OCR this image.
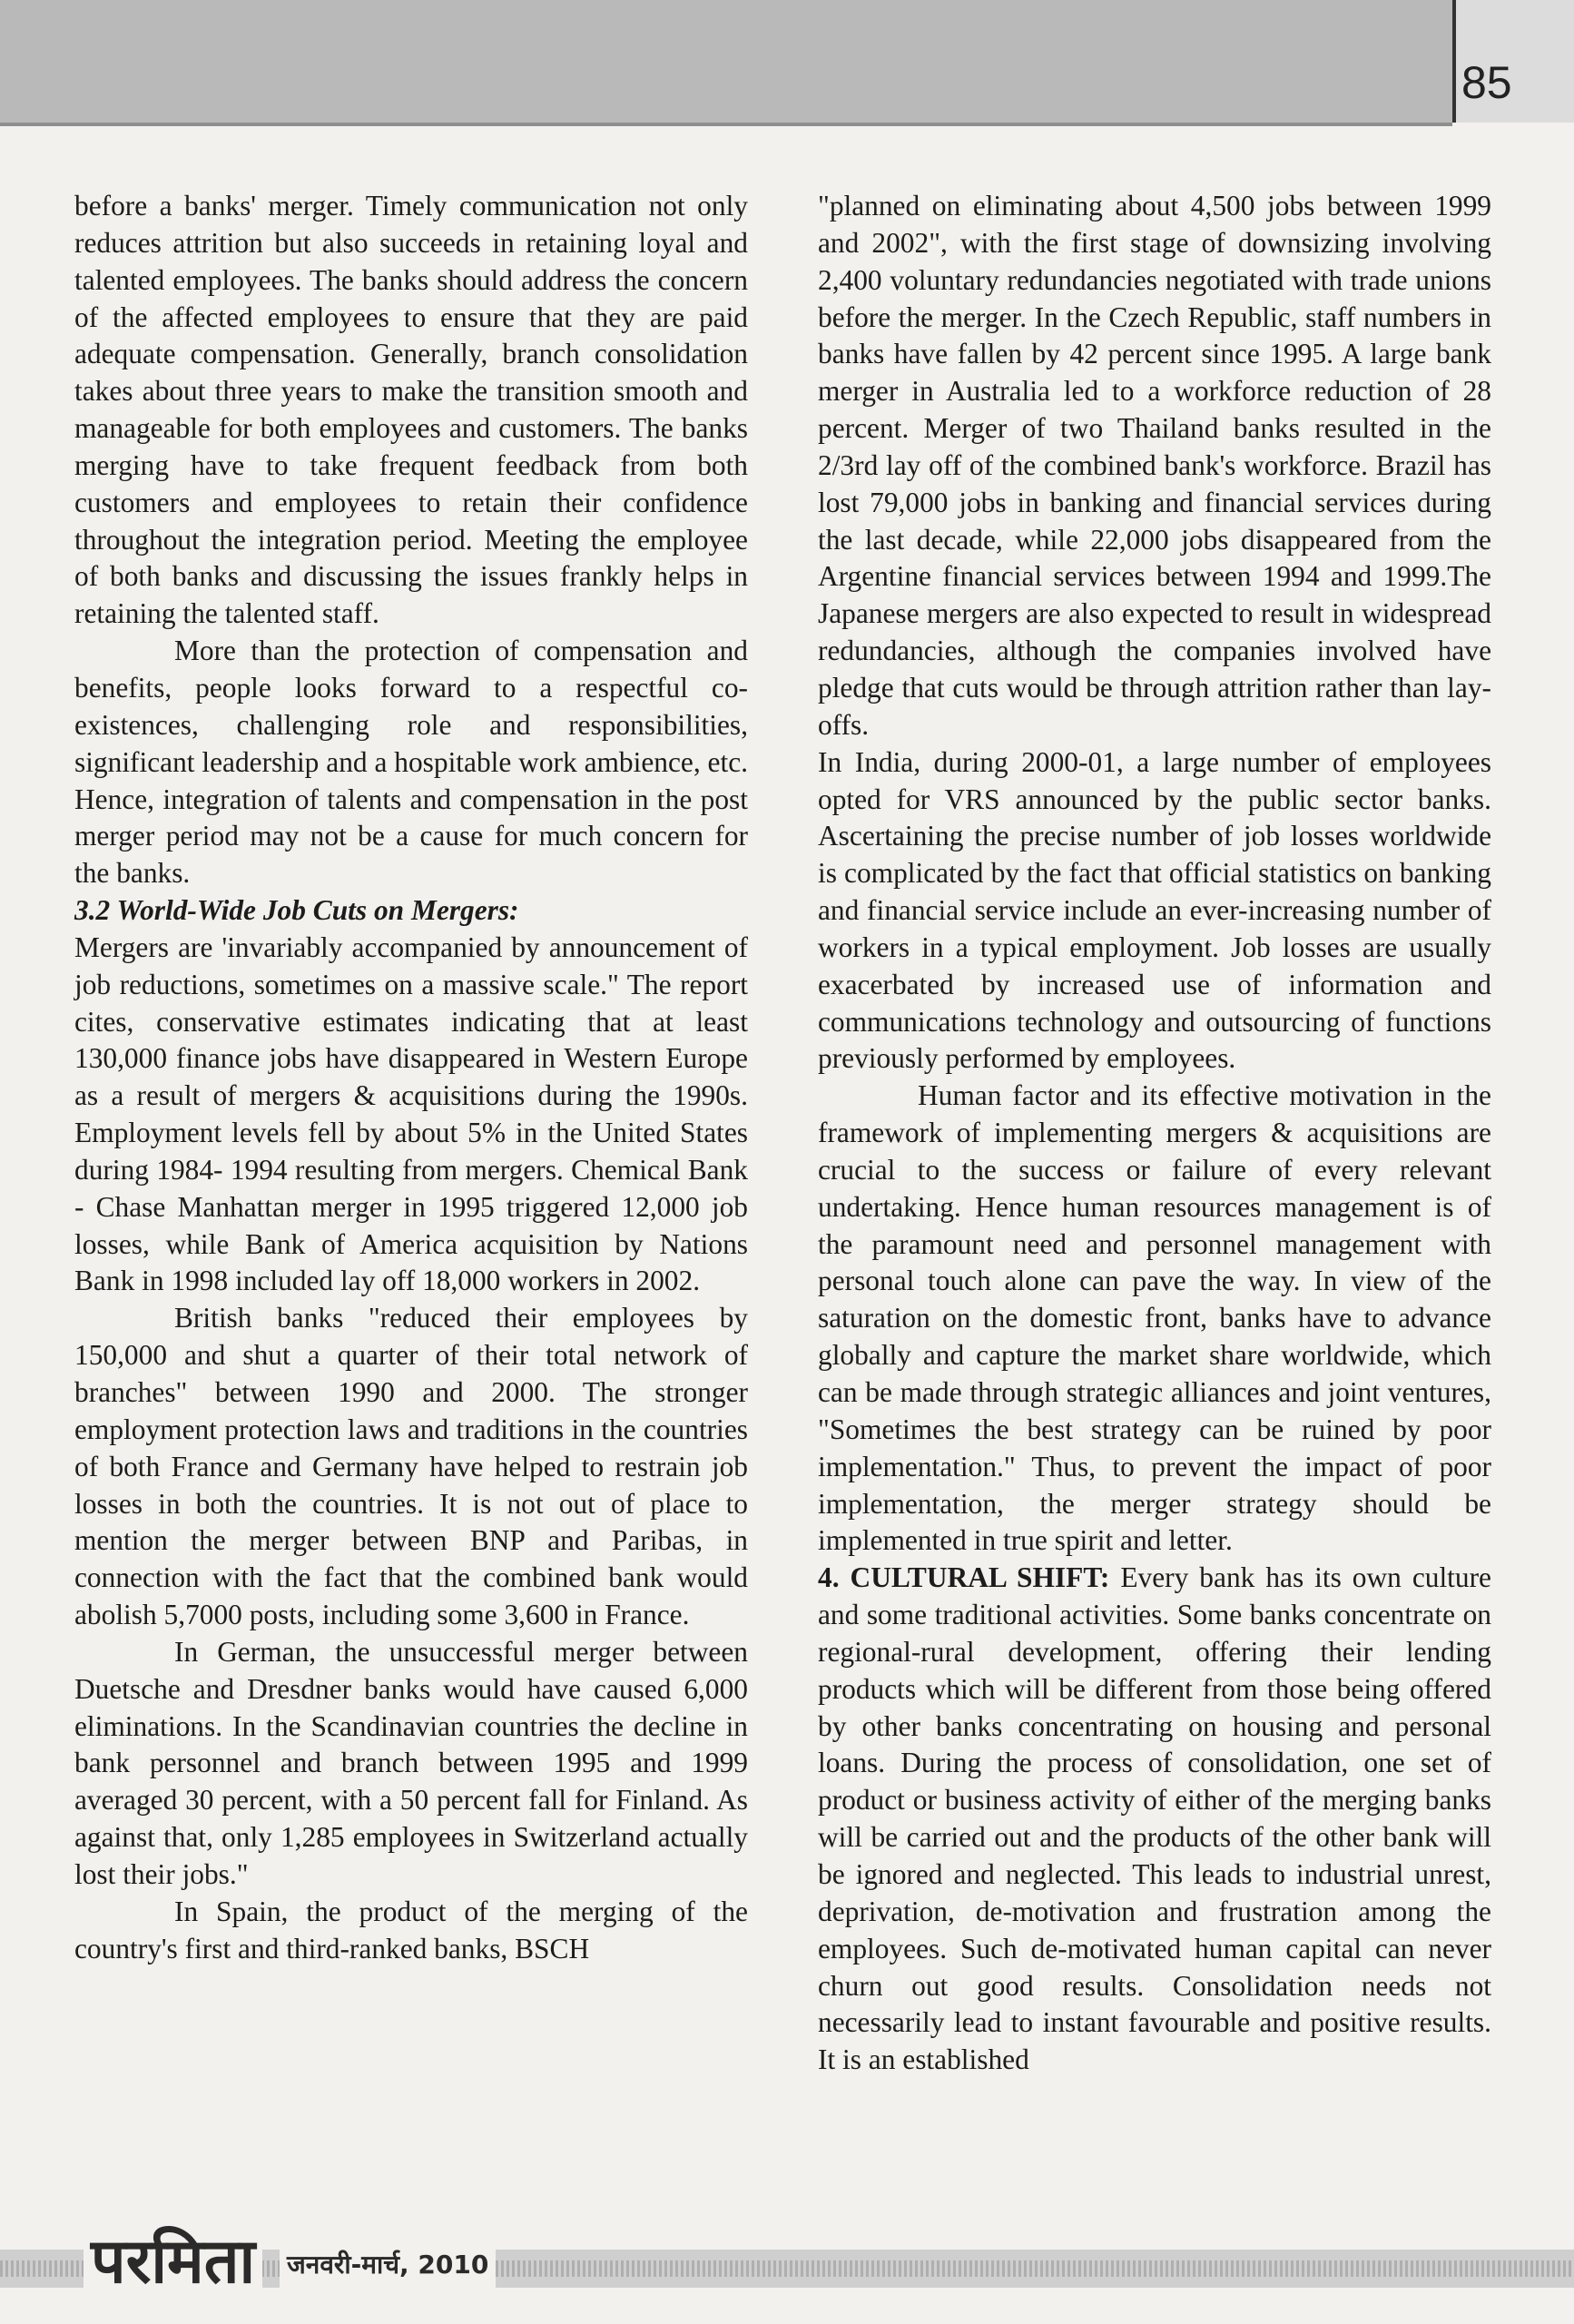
85

before a banks' merger. Timely communication not only reduces attrition but also succeeds in retaining loyal and talented employees. The banks should address the concern of the affected employees to ensure that they are paid adequate compensation. Generally, branch consolidation takes about three years to make the transition smooth and manageable for both employees and customers. The banks merging have to take frequent feedback from both customers and employees to retain their confidence throughout the integration period. Meeting the employee of both banks and discussing the issues frankly helps in retaining the talented staff.

More than the protection of compensation and benefits, people looks forward to a respectful co-existences, challenging role and responsibilities, significant leadership and a hospitable work ambience, etc. Hence, integration of talents and compensation in the post merger period may not be a cause for much concern for the banks.

3.2 World-Wide Job Cuts on Mergers:

Mergers are 'invariably accompanied by announcement of job reductions, sometimes on a massive scale." The report cites, conservative estimates indicating that at least 130,000 finance jobs have disappeared in Western Europe as a result of mergers & acquisitions during the 1990s. Employment levels fell by about 5% in the United States during 1984- 1994 resulting from mergers. Chemical Bank - Chase Manhattan merger in 1995 triggered 12,000 job losses, while Bank of America acquisition by Nations Bank in 1998 included lay off 18,000 workers in 2002.

British banks "reduced their employees by 150,000 and shut a quarter of their total network of branches" between 1990 and 2000. The stronger employment protection laws and traditions in the countries of both France and Germany have helped to restrain job losses in both the countries. It is not out of place to mention the merger between BNP and Paribas, in connection with the fact that the combined bank would abolish 5,7000 posts, including some 3,600 in France.

In German, the unsuccessful merger between Duetsche and Dresdner banks would have caused 6,000 eliminations. In the Scandinavian countries the decline in bank personnel and branch between 1995 and 1999 averaged 30 percent, with a 50 percent fall for Finland. As against that, only 1,285 employees in Switzerland actually lost their jobs."

In Spain, the product of the merging of the country's first and third-ranked banks, BSCH

"planned on eliminating about 4,500 jobs between 1999 and 2002", with the first stage of downsizing involving 2,400 voluntary redundancies negotiated with trade unions before the merger. In the Czech Republic, staff numbers in banks have fallen by 42 percent since 1995. A large bank merger in Australia led to a workforce reduction of 28 percent. Merger of two Thailand banks resulted in the 2/3rd lay off of the combined bank's workforce. Brazil has lost 79,000 jobs in banking and financial services during the last decade, while 22,000 jobs disappeared from the Argentine financial services between 1994 and 1999.The Japanese mergers are also expected to result in widespread redundancies, although the companies involved have pledge that cuts would be through attrition rather than lay-offs.

In India, during 2000-01, a large number of employees opted for VRS announced by the public sector banks. Ascertaining the precise number of job losses worldwide is complicated by the fact that official statistics on banking and financial service include an ever-increasing number of workers in a typical employment. Job losses are usually exacerbated by increased use of information and communications technology and outsourcing of functions previously performed by employees.

Human factor and its effective motivation in the framework of implementing mergers & acquisitions are crucial to the success or failure of every relevant undertaking. Hence human resources management is of the paramount need and personnel management with personal touch alone can pave the way. In view of the saturation on the domestic front, banks have to advance globally and capture the market share worldwide, which can be made through strategic alliances and joint ventures, "Sometimes the best strategy can be ruined by poor implementation." Thus, to prevent the impact of poor implementation, the merger strategy should be implemented in true spirit and letter.

4. CULTURAL SHIFT: Every bank has its own culture and some traditional activities. Some banks concentrate on regional-rural development, offering their lending products which will be different from those being offered by other banks concentrating on housing and personal loans. During the process of consolidation, one set of product or business activity of either of the merging banks will be carried out and the products of the other bank will be ignored and neglected. This leads to industrial unrest, deprivation, de-motivation and frustration among the employees. Such de-motivated human capital can never churn out good results. Consolidation needs not necessarily lead to instant favourable and positive results. It is an established

परमिता जनवरी-मार्च, 2010
